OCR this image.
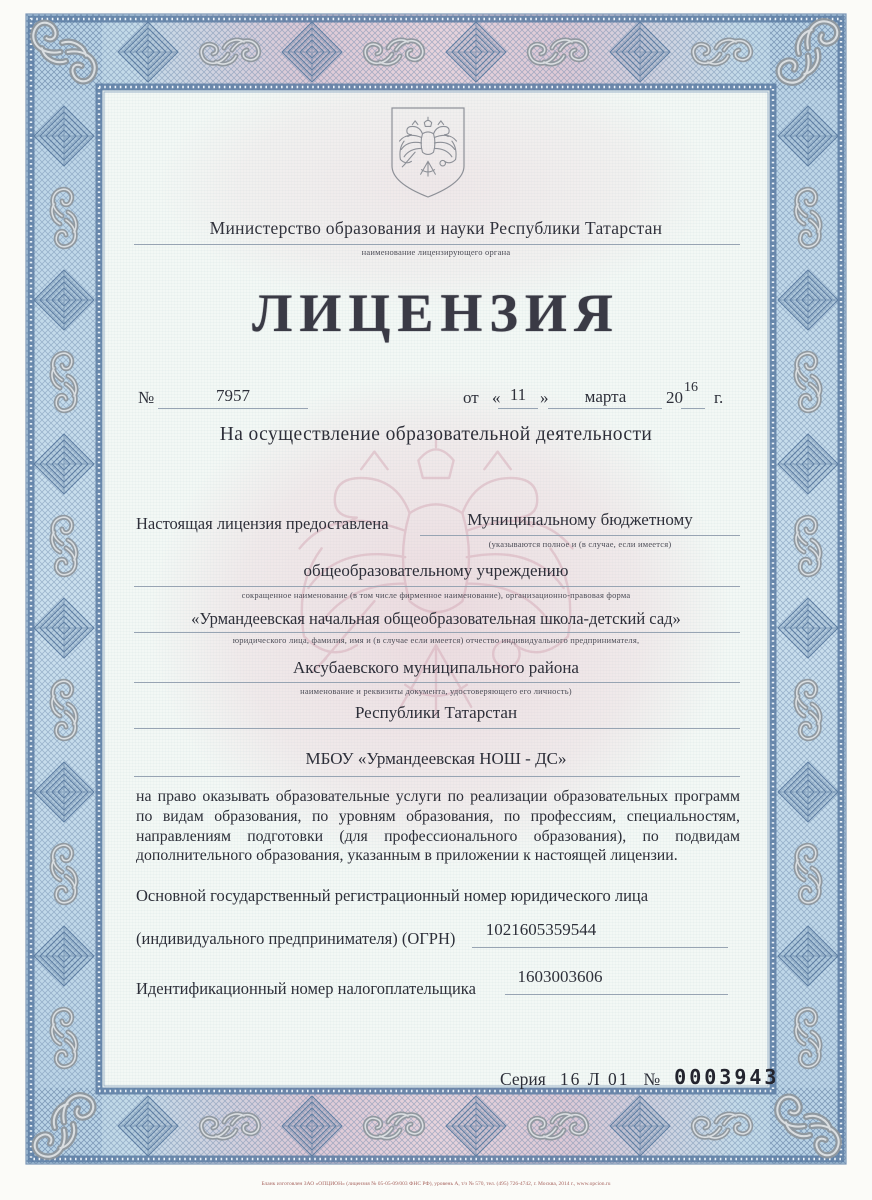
Министерство образования и науки Республики Татарстан
наименование лицензирующего органа
ЛИЦЕНЗИЯ
№	7957	от « 11 »	марта	20
16
г.
На осуществление образовательной деятельности
Настоящая лицензия предоставлена	Муниципальному бюджетному
(указываются полное и (в случае, если имеется)
общеобразовательному учреждению
сокращенное наименование (в том числе фирменное наименование), организационно-правовая форма
«Урмандеевская начальная общеобразовательная школа-детский сад»
юридического лица, фамилия, имя и (в случае если имеется) отчество индивидуального предпринимателя,
Аксубаевского муниципального района
наименование и реквизиты документа, удостоверяющего его личность)
Республики Татарстан
МБОУ «Урмандеевская НОШ - ДС»
на право оказывать образовательные услуги по реализации образовательных программ по видам образования, по уровням образования, по профессиям, специальностям, направлениям подготовки (для профессионального образования), по подвидам дополнительного образования, указанным в приложении к настоящей лицензии.
Основной государственный регистрационный номер юридического лица
(индивидуального предпринимателя) (ОГРН)	1021605359544
Идентификационный номер налогоплательщика
1603003606
Серия 16 Л 01 № 0003943
Бланк изготовлен ЗАО «ОПЦИОН» (лицензия № 05-05-09/003 ФНС РФ), уровень А, т/з № 570, тел. (495) 726-4742, г. Москва, 2014 г., www.opcion.ru
